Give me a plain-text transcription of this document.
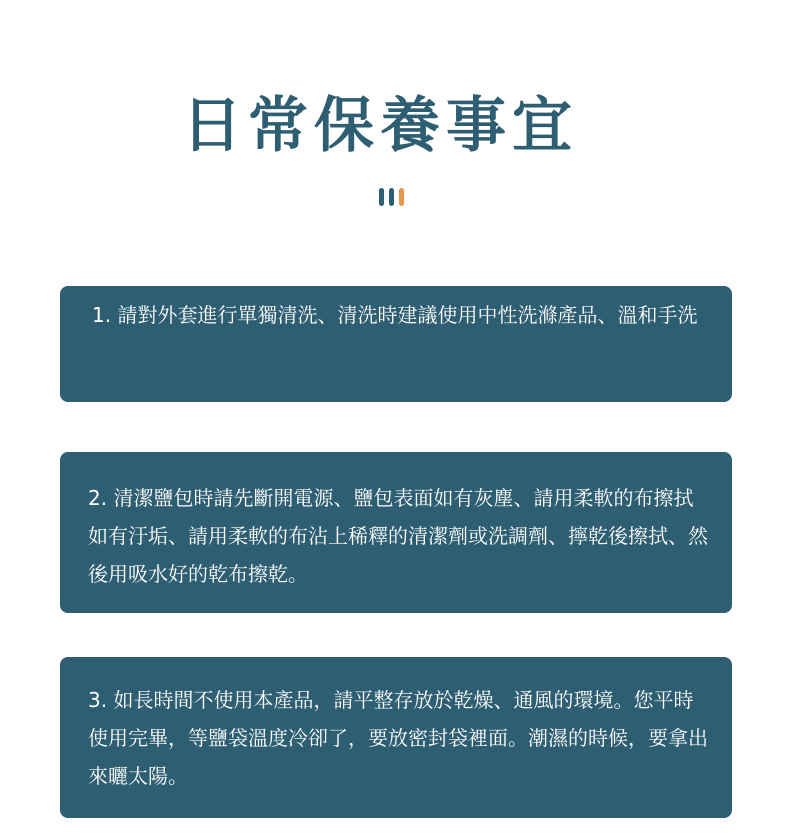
日常保養事宜

1. 請對外套進行單獨清洗、清洗時建議使用中性洗滌產品、溫和手洗

2. 清潔鹽包時請先斷開電源、鹽包表面如有灰塵、請用柔軟的布擦拭如有汙垢、請用柔軟的布沾上稀釋的清潔劑或洗調劑、擰乾後擦拭、然後用吸水好的乾布擦乾。

3. 如長時間不使用本產品，請平整存放於乾燥、通風的環境。您平時使用完畢，等鹽袋溫度冷卻了，要放密封袋裡面。潮濕的時候，要拿出來曬太陽。
